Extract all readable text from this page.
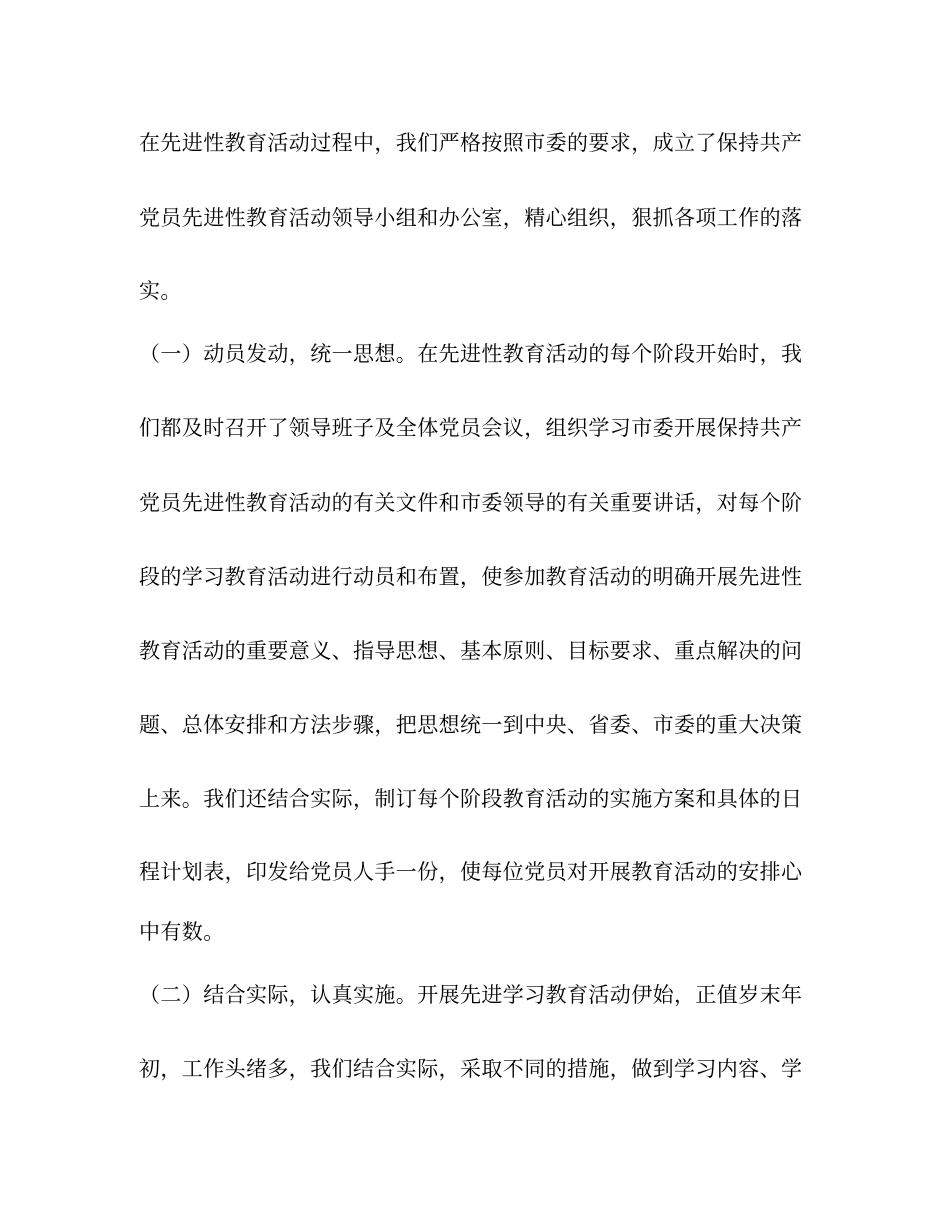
在先进性教育活动过程中，我们严格按照市委的要求，成立了保持共产
党员先进性教育活动领导小组和办公室，精心组织，狠抓各项工作的落
实。
（一）动员发动，统一思想。在先进性教育活动的每个阶段开始时，我
们都及时召开了领导班子及全体党员会议，组织学习市委开展保持共产
党员先进性教育活动的有关文件和市委领导的有关重要讲话，对每个阶
段的学习教育活动进行动员和布置，使参加教育活动的明确开展先进性
教育活动的重要意义、指导思想、基本原则、目标要求、重点解决的问
题、总体安排和方法步骤，把思想统一到中央、省委、市委的重大决策
上来。我们还结合实际，制订每个阶段教育活动的实施方案和具体的日
程计划表，印发给党员人手一份，使每位党员对开展教育活动的安排心
中有数。
（二）结合实际，认真实施。开展先进学习教育活动伊始，正值岁末年
初，工作头绪多，我们结合实际，采取不同的措施，做到学习内容、学
